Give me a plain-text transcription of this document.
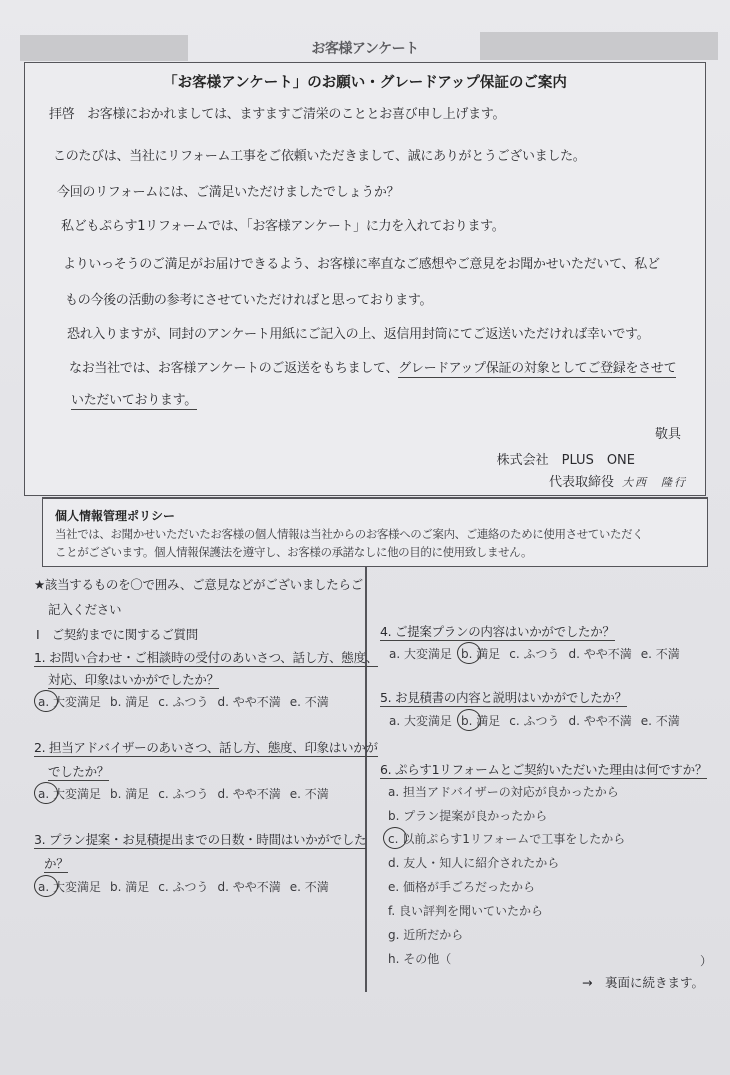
お客様アンケート
「お客様アンケート」のお願い・グレードアップ保証のご案内
拝啓　お客様におかれましては、ますますご清栄のこととお喜び申し上げます。
このたびは、当社にリフォーム工事をご依頼いただきまして、誠にありがとうございました。
今回のリフォームには、ご満足いただけましたでしょうか？
私どもぷらす1リフォームでは、「お客様アンケート」に力を入れております。
よりいっそうのご満足がお届けできるよう、お客様に率直なご感想やご意見をお聞かせいただいて、私ど
もの今後の活動の参考にさせていただければと思っております。
恐れ入りますが、同封のアンケート用紙にご記入の上、返信用封筒にてご返送いただければ幸いです。
なお当社では、お客様アンケートのご返送をもちまして、グレードアップ保証の対象としてご登録をさせて
いただいております。
敬具
株式会社　PLUS　ONE
代表取締役 大西　隆行
個人情報管理ポリシー
当社では、お聞かせいただいたお客様の個人情報は当社からのお客様へのご案内、ご連絡のために使用させていただく
ことがございます。個人情報保護法を遵守し、お客様の承諾なしに他の目的に使用致しません。
★該当するものを〇で囲み、ご意見などがございましたらご
記入ください
Ⅰ　ご契約までに関するご質問
1. お問い合わせ・ご相談時の受付のあいさつ、話し方、態度、
対応、印象はいかがでしたか？
a. 大変満足 b. 満足 c. ふつう d. やや不満 e. 不満
2. 担当アドバイザーのあいさつ、話し方、態度、印象はいかが
でしたか？
a. 大変満足 b. 満足 c. ふつう d. やや不満 e. 不満
3. プラン提案・お見積提出までの日数・時間はいかがでした
か？
a. 大変満足 b. 満足 c. ふつう d. やや不満 e. 不満
4. ご提案プランの内容はいかがでしたか？
a. 大変満足 b. 満足 c. ふつう d. やや不満 e. 不満
5. お見積書の内容と説明はいかがでしたか？
a. 大変満足 b. 満足 c. ふつう d. やや不満 e. 不満
6. ぷらす1リフォームとご契約いただいた理由は何ですか？
a. 担当アドバイザーの対応が良かったから
b. プラン提案が良かったから
c. 以前ぷらす1リフォームで工事をしたから
d. 友人・知人に紹介されたから
e. 価格が手ごろだったから
f. 良い評判を聞いていたから
g. 近所だから
h. その他（	）
→　裏面に続きます。
